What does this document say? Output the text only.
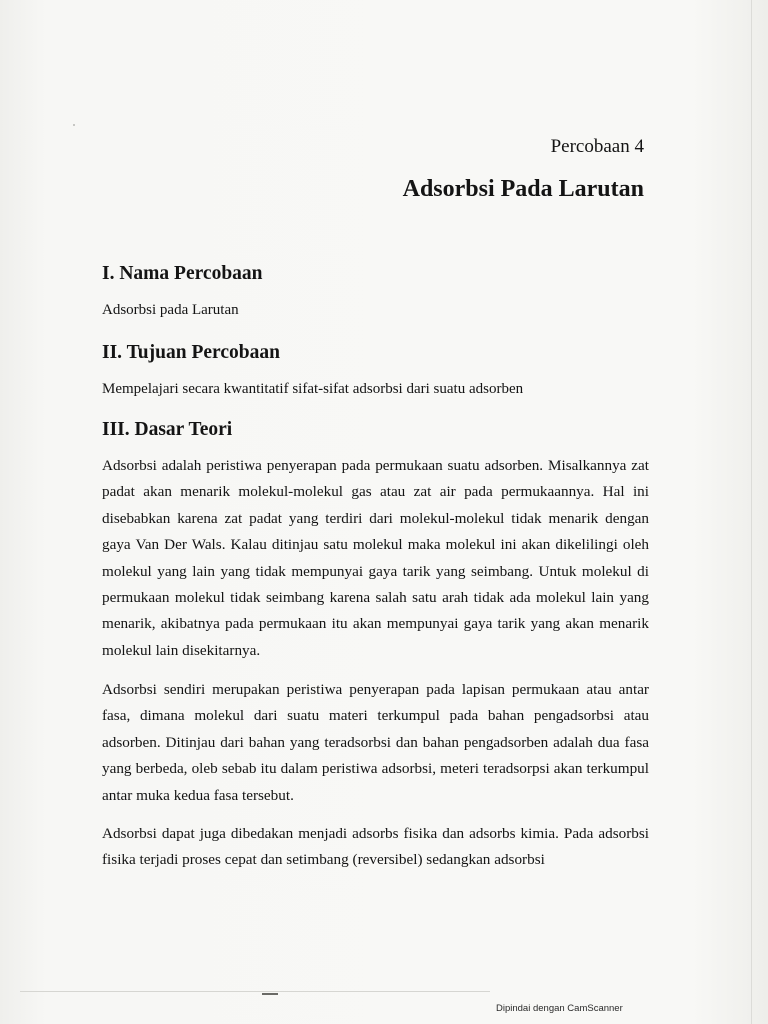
Percobaan 4
Adsorbsi Pada Larutan
I. Nama Percobaan

Adsorbsi pada Larutan

II. Tujuan Percobaan

Mempelajari secara kwantitatif sifat-sifat adsorbsi dari suatu adsorben

III. Dasar Teori

Adsorbsi adalah peristiwa penyerapan pada permukaan suatu adsorben. Misalkannya zat padat akan menarik molekul-molekul gas atau zat air pada permukaannya. Hal ini disebabkan karena zat padat yang terdiri dari molekul-molekul tidak menarik dengan gaya Van Der Wals. Kalau ditinjau satu molekul maka molekul ini akan dikelilingi oleh molekul yang lain yang tidak mempunyai gaya tarik yang seimbang. Untuk molekul di permukaan molekul tidak seimbang karena salah satu arah tidak ada molekul lain yang menarik, akibatnya pada permukaan itu akan mempunyai gaya tarik yang akan menarik molekul lain disekitarnya.

Adsorbsi sendiri merupakan peristiwa penyerapan pada lapisan permukaan atau antar fasa, dimana molekul dari suatu materi terkumpul pada bahan pengadsorbsi atau adsorben. Ditinjau dari bahan yang teradsorbsi dan bahan pengadsorben adalah dua fasa yang berbeda, oleb sebab itu dalam peristiwa adsorbsi, meteri teradsorpsi akan terkumpul antar muka kedua fasa tersebut.

Adsorbsi dapat juga dibedakan menjadi adsorbs fisika dan adsorbs kimia. Pada adsorbsi fisika terjadi proses cepat dan setimbang (reversibel) sedangkan adsorbsi

Dipindai dengan CamScanner
